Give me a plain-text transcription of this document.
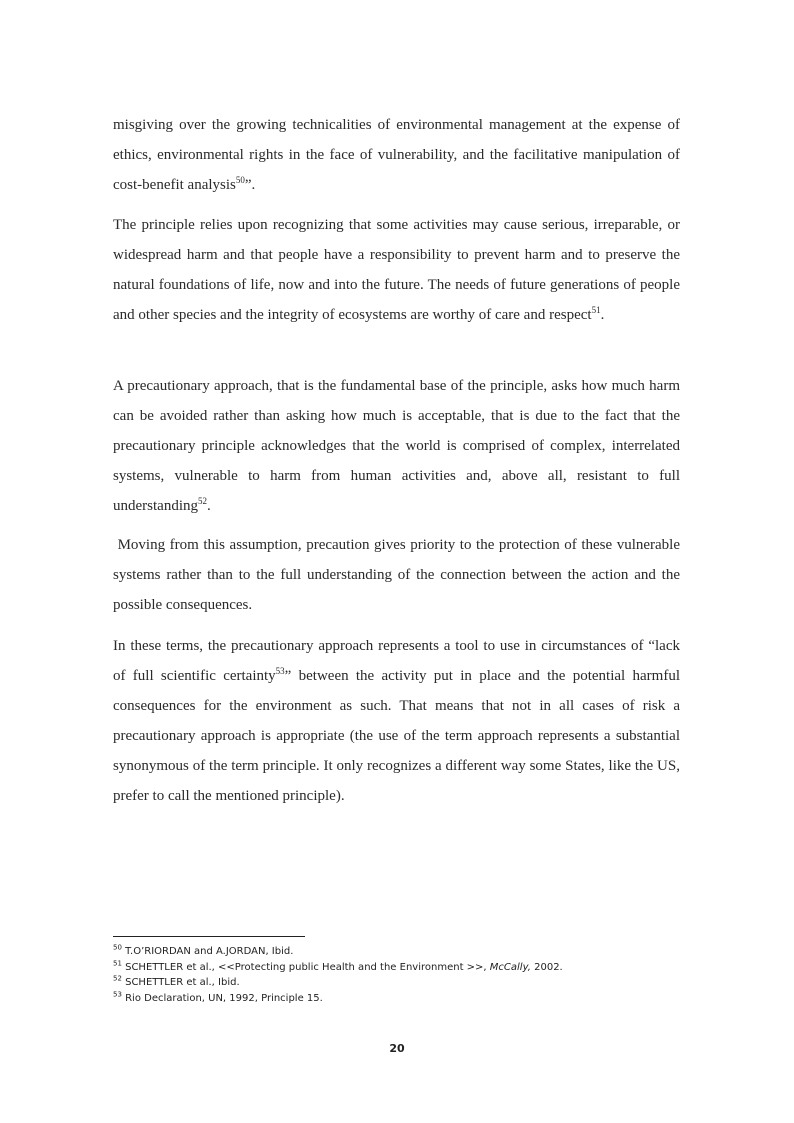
misgiving over the growing technicalities of environmental management at the expense of ethics, environmental rights in the face of vulnerability, and the facilitative manipulation of cost-benefit analysis$^{50}$”.

The principle relies upon recognizing that some activities may cause serious, irreparable, or widespread harm and that people have a responsibility to prevent harm and to preserve the natural foundations of life, now and into the future. The needs of future generations of people and other species and the integrity of ecosystems are worthy of care and respect$^{51}$.

A precautionary approach, that is the fundamental base of the principle, asks how much harm can be avoided rather than asking how much is acceptable, that is due to the fact that the precautionary principle acknowledges that the world is comprised of complex, interrelated systems, vulnerable to harm from human activities and, above all, resistant to full understanding$^{52}$.

Moving from this assumption, precaution gives priority to the protection of these vulnerable systems rather than to the full understanding of the connection between the action and the possible consequences.

In these terms, the precautionary approach represents a tool to use in circumstances of “lack of full scientific certainty$^{53}$” between the activity put in place and the potential harmful consequences for the environment as such. That means that not in all cases of risk a precautionary approach is appropriate (the use of the term approach represents a substantial synonymous of the term principle. It only recognizes a different way some States, like the US, prefer to call the mentioned principle).

$^{50}$ T.O’RIORDAN and A.JORDAN, Ibid.
$^{51}$ SCHETTLER et al., <<Protecting public Health and the Environment >>, McCally, 2002.
$^{52}$ SCHETTLER et al., Ibid.
$^{53}$ Rio Declaration, UN, 1992, Principle 15.
20
